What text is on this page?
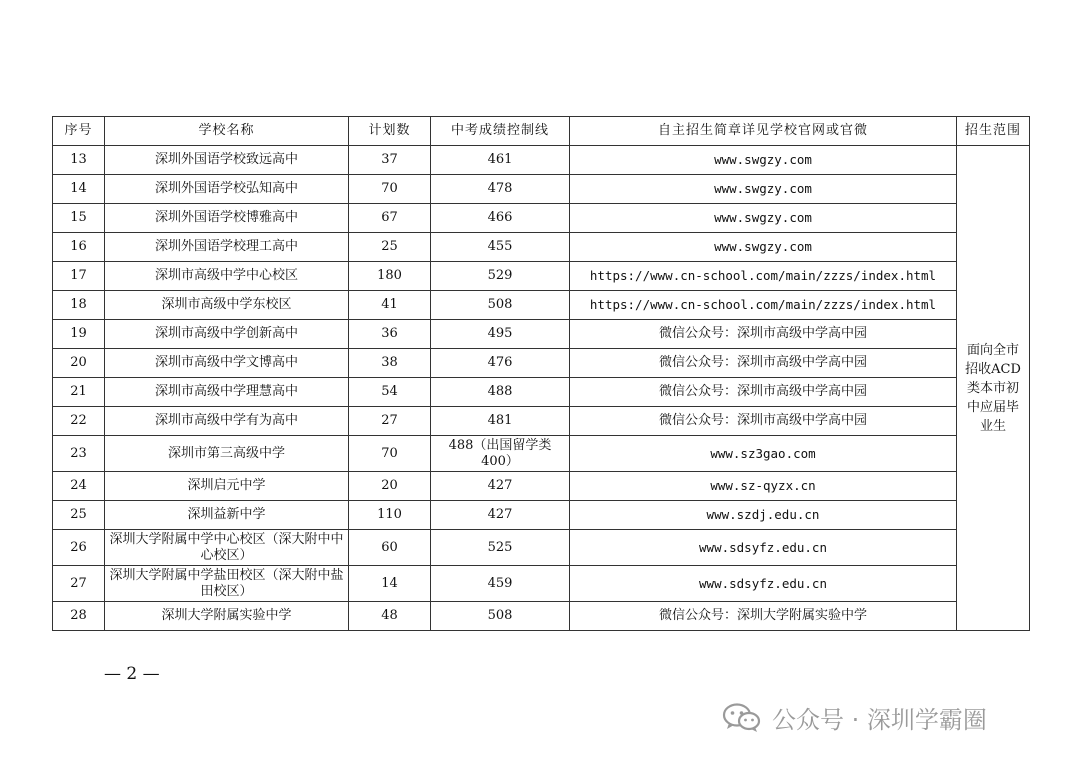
序号	学校名称	计划数	中考成绩控制线	自主招生简章详见学校官网或官微	招生范围
13	深圳外国语学校致远高中	37	461	www.swgzy.com	面向全市招收ACD类本市初中应届毕业生
14	深圳外国语学校弘知高中	70	478	www.swgzy.com	
15	深圳外国语学校博雅高中	67	466	www.swgzy.com	
16	深圳外国语学校理工高中	25	455	www.swgzy.com	
17	深圳市高级中学中心校区	180	529	https://www.cn-school.com/main/zzzs/index.html	
18	深圳市高级中学东校区	41	508	https://www.cn-school.com/main/zzzs/index.html	
19	深圳市高级中学创新高中	36	495	微信公众号：深圳市高级中学高中园	
20	深圳市高级中学文博高中	38	476	微信公众号：深圳市高级中学高中园	
21	深圳市高级中学理慧高中	54	488	微信公众号：深圳市高级中学高中园	
22	深圳市高级中学有为高中	27	481	微信公众号：深圳市高级中学高中园	
23	深圳市第三高级中学	70	488（出国留学类400）	www.sz3gao.com	
24	深圳启元中学	20	427	www.sz-qyzx.cn	
25	深圳益新中学	110	427	www.szdj.edu.cn	
26	深圳大学附属中学中心校区（深大附中中心校区）	60	525	www.sdsyfz.edu.cn	
27	深圳大学附属中学盐田校区（深大附中盐田校区）	14	459	www.sdsyfz.edu.cn	
28	深圳大学附属实验中学	48	508	微信公众号：深圳大学附属实验中学	
— 2 —
公众号 · 深圳学霸圈
